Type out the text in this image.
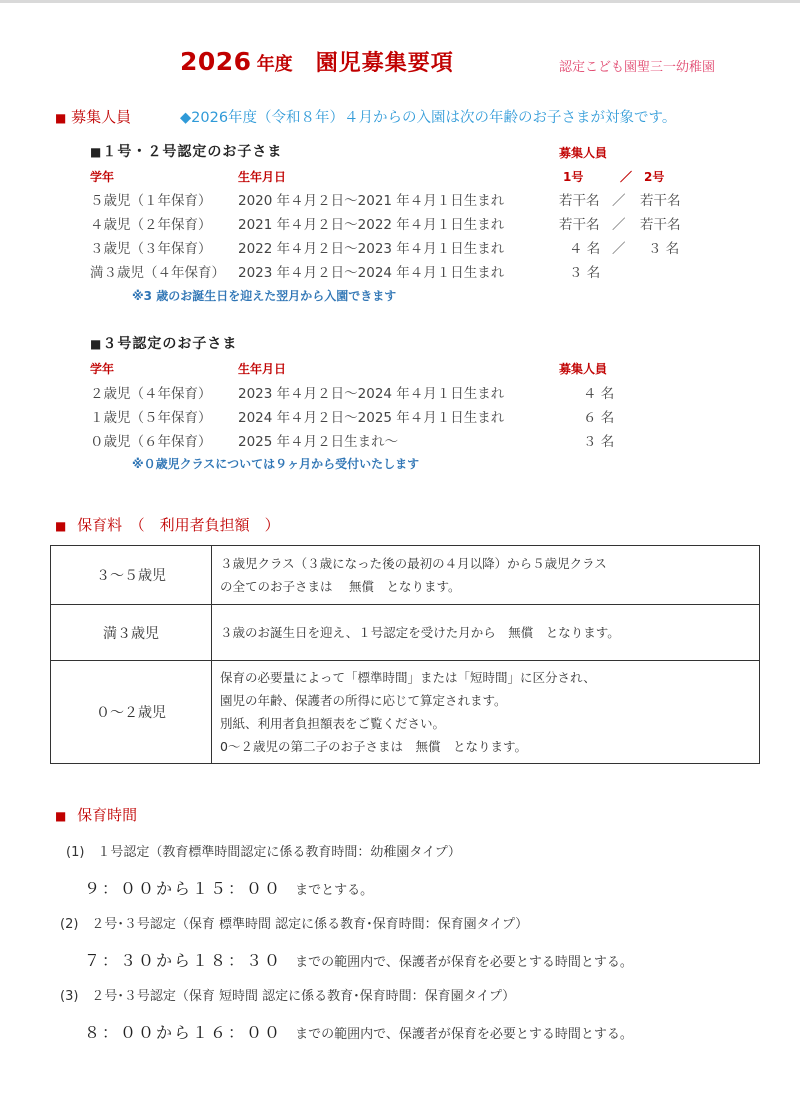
2026 年度 園児募集要項	認定こども園聖三一幼稚園
■ 募集人員	◆2026年度（令和８年）４月からの入園は次の年齢のお子さまが対象です。
■１号・２号認定のお子さま	募集人員
学年	生年月日	1号	／ 2号
５歳児（１年保育） 2020 年４月２日～2021 年４月１日生まれ	若干名 ／ 若干名
４歳児（２年保育） 2021 年４月２日～2022 年４月１日生まれ	若干名 ／ 若干名
３歳児（３年保育） 2022 年４月２日～2023 年４月１日生まれ	４ 名 ／ ３ 名
満３歳児（４年保育） 2023 年４月２日～2024 年４月１日生まれ	３ 名
※3 歳のお誕生日を迎えた翌月から入園できます
■３号認定のお子さま
学年	生年月日	募集人員
２歳児（４年保育） 2023 年４月２日～2024 年４月１日生まれ	４ 名
１歳児（５年保育） 2024 年４月２日～2025 年４月１日生まれ	６ 名
０歳児（６年保育） 2025 年４月２日生まれ～	３ 名
※０歳児クラスについては９ヶ月から受付いたします
■ 保育料　（　利用者負担額　）
３～５歳児	３歳児クラス（３歳になった後の最初の４月以降）から５歳児クラス
の全てのお子さまは　 無償　となります。

満３歳児	３歳のお誕生日を迎え、１号認定を受けた月から　無償　となります。

０～２歳児	保育の必要量によって「標準時間」または「短時間」に区分され、
園児の年齢、保護者の所得に応じて算定されます。
別紙、利用者負担額表をご覧ください。
0～２歳児の第二子のお子さまは　無償　となります。
■ 保育時間
(1)　１号認定（教育標準時間認定に係る教育時間：幼稚園タイプ）
９：００から１５：００ までとする。
(2)　２号･３号認定（保育 標準時間 認定に係る教育･保育時間：保育園タイプ）
７：３０から１８：３０ までの範囲内で、保護者が保育を必要とする時間とする。
(3)　２号･３号認定（保育 短時間 認定に係る教育･保育時間：保育園タイプ）
８：００から１６：００ までの範囲内で、保護者が保育を必要とする時間とする。
